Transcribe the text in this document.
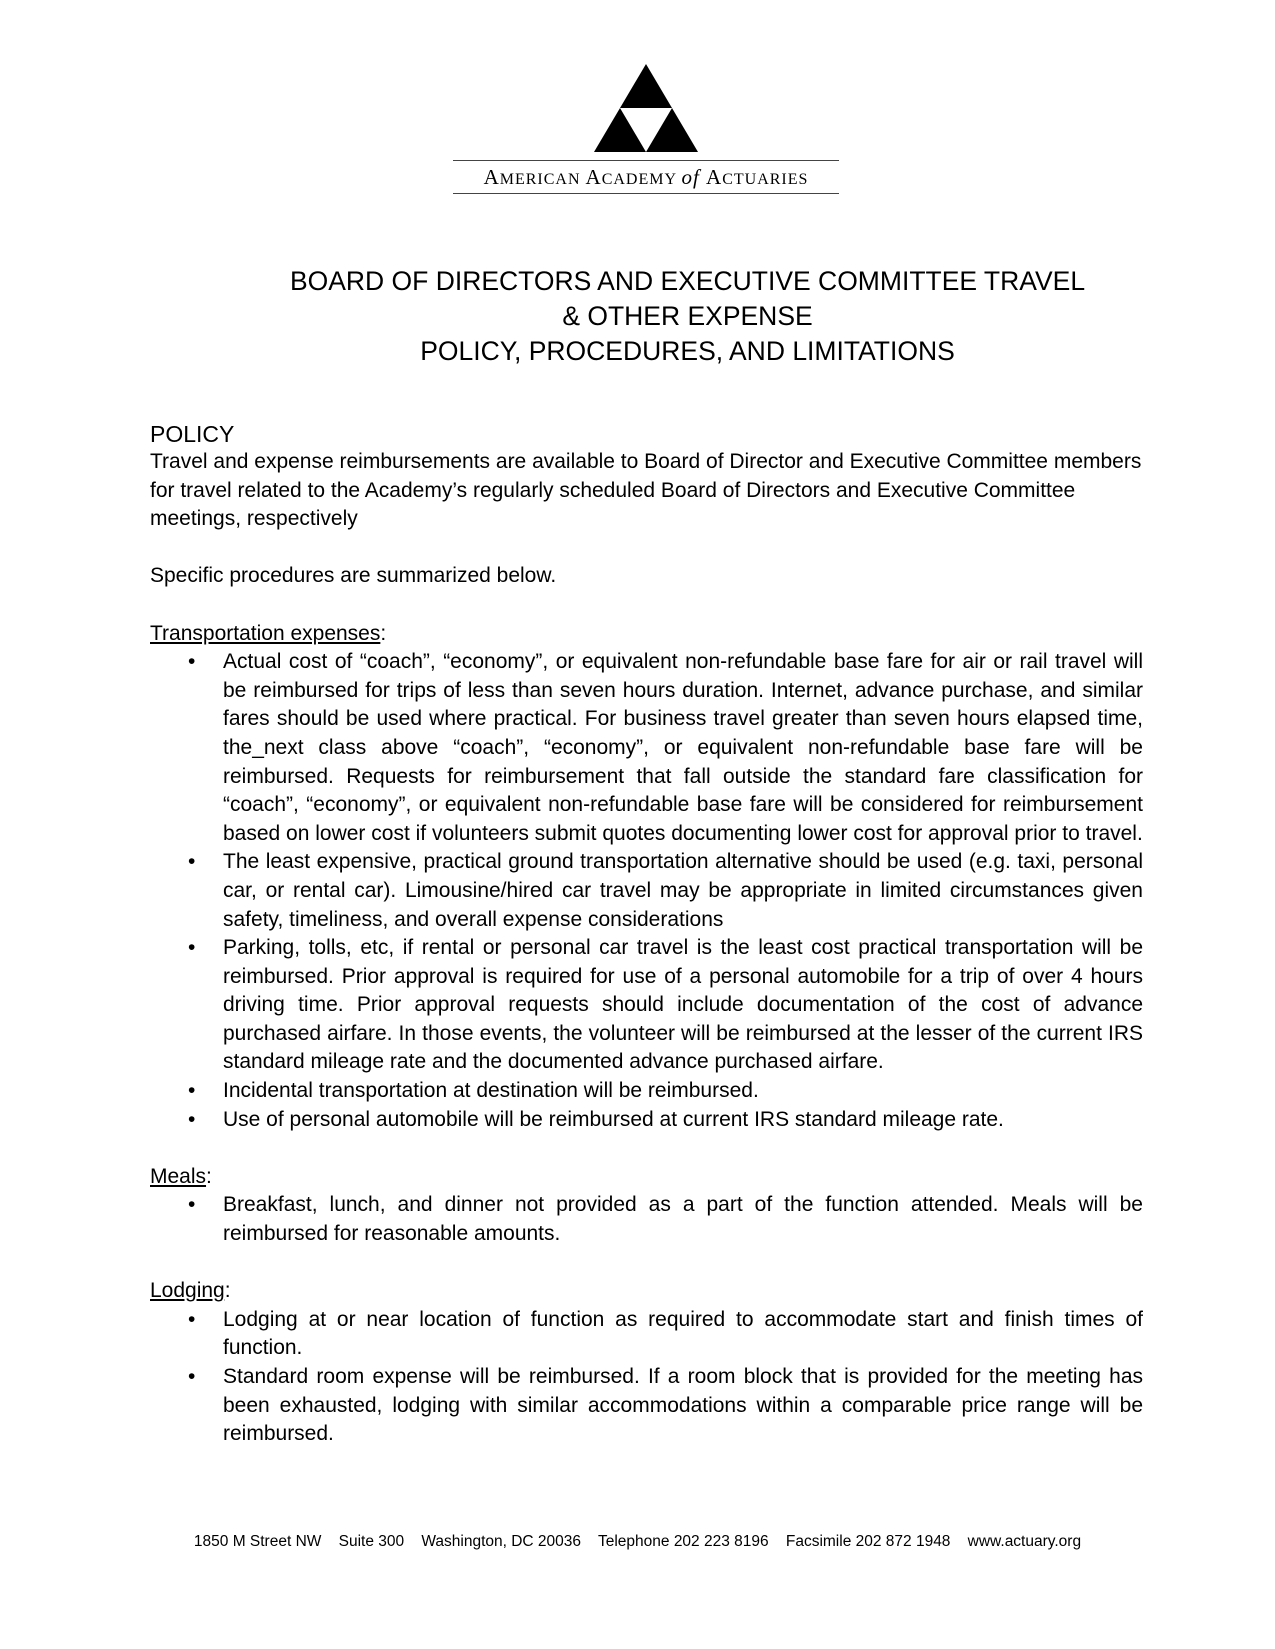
AMERICAN ACADEMY of ACTUARIES
BOARD OF DIRECTORS AND EXECUTIVE COMMITTEE TRAVEL
& OTHER EXPENSE
POLICY, PROCEDURES, AND LIMITATIONS

POLICY

Travel and expense reimbursements are available to Board of Director and Executive Committee members for travel related to the Academy’s regularly scheduled Board of Directors and Executive Committee meetings, respectively

Specific procedures are summarized below.

Transportation expenses:

• Actual cost of “coach”, “economy”, or equivalent non-refundable base fare for air or rail travel will be reimbursed for trips of less than seven hours duration. Internet, advance purchase, and similar fares should be used where practical. For business travel greater than seven hours elapsed time, the_next class above “coach”, “economy”, or equivalent non-refundable base fare will be reimbursed. Requests for reimbursement that fall outside the standard fare classification for “coach”, “economy”, or equivalent non-refundable base fare will be considered for reimbursement based on lower cost if volunteers submit quotes documenting lower cost for approval prior to travel.
• The least expensive, practical ground transportation alternative should be used (e.g. taxi, personal car, or rental car). Limousine/hired car travel may be appropriate in limited circumstances given safety, timeliness, and overall expense considerations
• Parking, tolls, etc, if rental or personal car travel is the least cost practical transportation will be reimbursed. Prior approval is required for use of a personal automobile for a trip of over 4 hours driving time. Prior approval requests should include documentation of the cost of advance purchased airfare. In those events, the volunteer will be reimbursed at the lesser of the current IRS standard mileage rate and the documented advance purchased airfare.
• Incidental transportation at destination will be reimbursed.
• Use of personal automobile will be reimbursed at current IRS standard mileage rate.

Meals:

• Breakfast, lunch, and dinner not provided as a part of the function attended. Meals will be reimbursed for reasonable amounts.

Lodging:

• Lodging at or near location of function as required to accommodate start and finish times of function.
• Standard room expense will be reimbursed. If a room block that is provided for the meeting has been exhausted, lodging with similar accommodations within a comparable price range will be reimbursed.
1850 M Street NW    Suite 300    Washington, DC 20036    Telephone 202 223 8196    Facsimile 202 872 1948    www.actuary.org
